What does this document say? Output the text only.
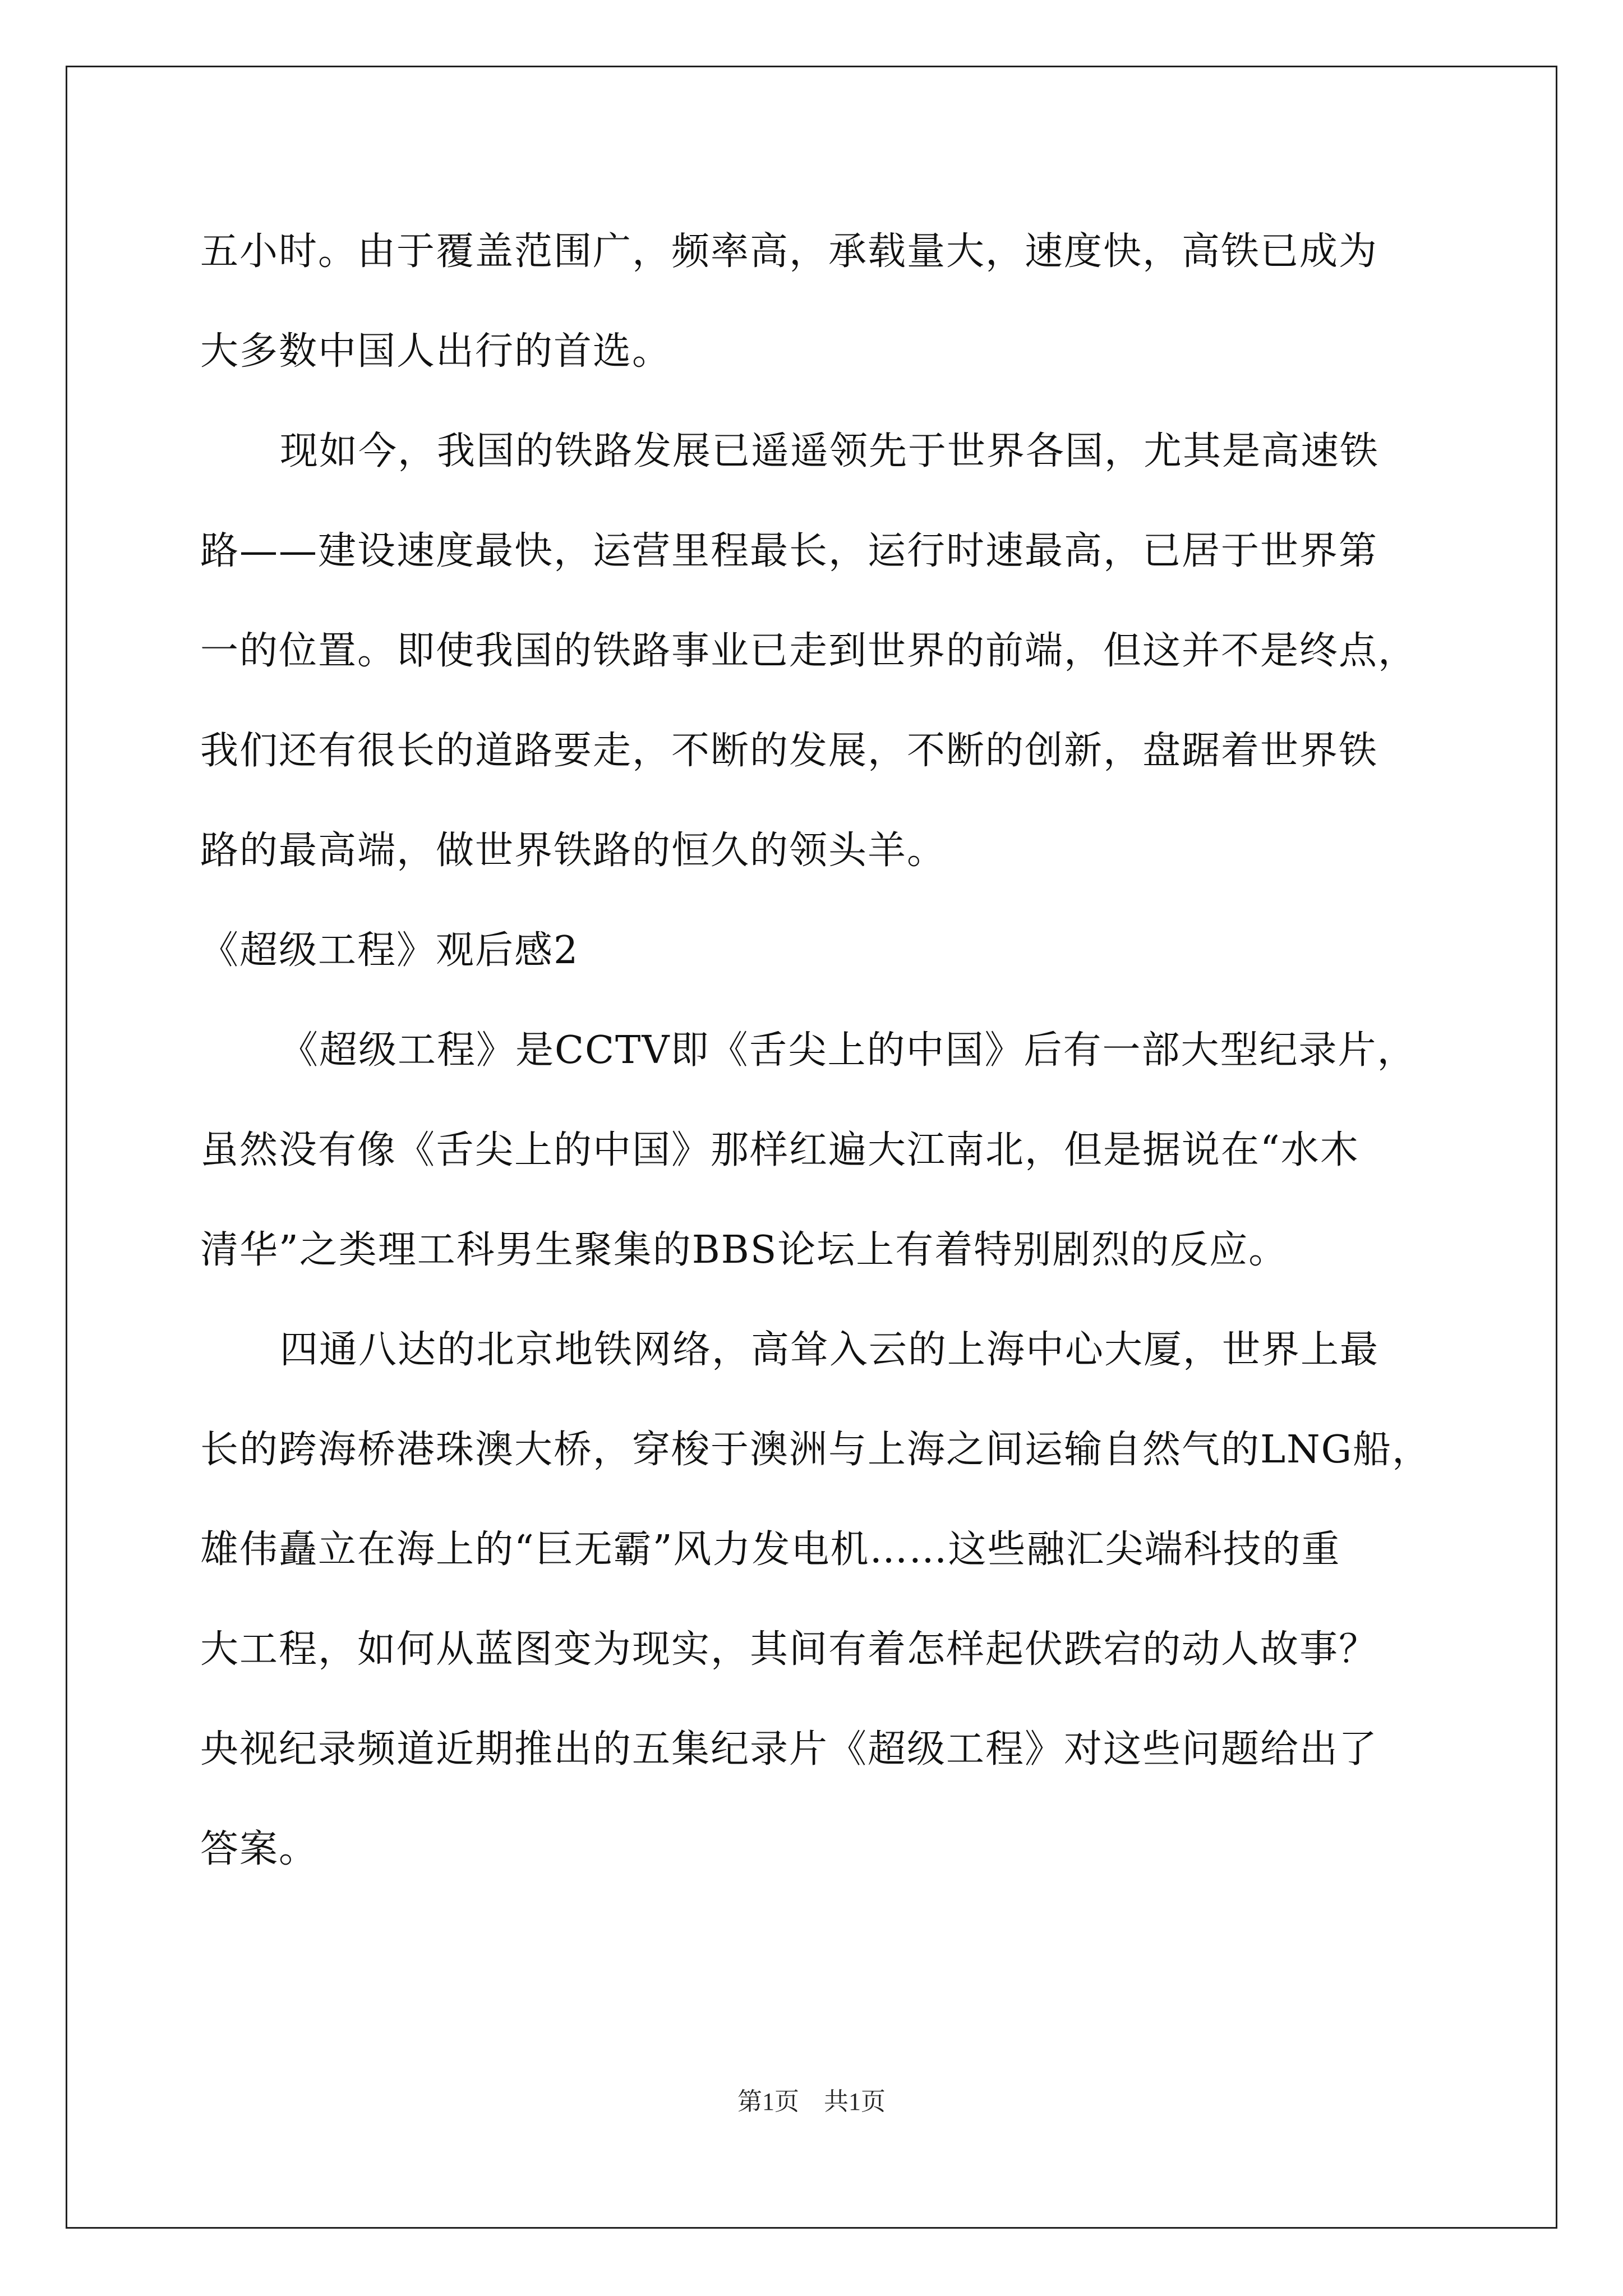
五小时。由于覆盖范围广，频率高，承载量大，速度快，高铁已成为
大多数中国人出行的首选。
现如今，我国的铁路发展已遥遥领先于世界各国，尤其是高速铁
路——建设速度最快，运营里程最长，运行时速最高，已居于世界第
一的位置。即使我国的铁路事业已走到世界的前端，但这并不是终点，
我们还有很长的道路要走，不断的发展，不断的创新，盘踞着世界铁
路的最高端，做世界铁路的恒久的领头羊。
《超级工程》观后感2
《超级工程》是CCTV即《舌尖上的中国》后有一部大型纪录片，
虽然没有像《舌尖上的中国》那样红遍大江南北，但是据说在“水木
清华”之类理工科男生聚集的BBS论坛上有着特别剧烈的反应。
四通八达的北京地铁网络，高耸入云的上海中心大厦，世界上最
长的跨海桥港珠澳大桥，穿梭于澳洲与上海之间运输自然气的LNG船，
雄伟矗立在海上的“巨无霸”风力发电机……这些融汇尖端科技的重
大工程，如何从蓝图变为现实，其间有着怎样起伏跌宕的动人故事？
央视纪录频道近期推出的五集纪录片《超级工程》对这些问题给出了
答案。
第1页　共1页
